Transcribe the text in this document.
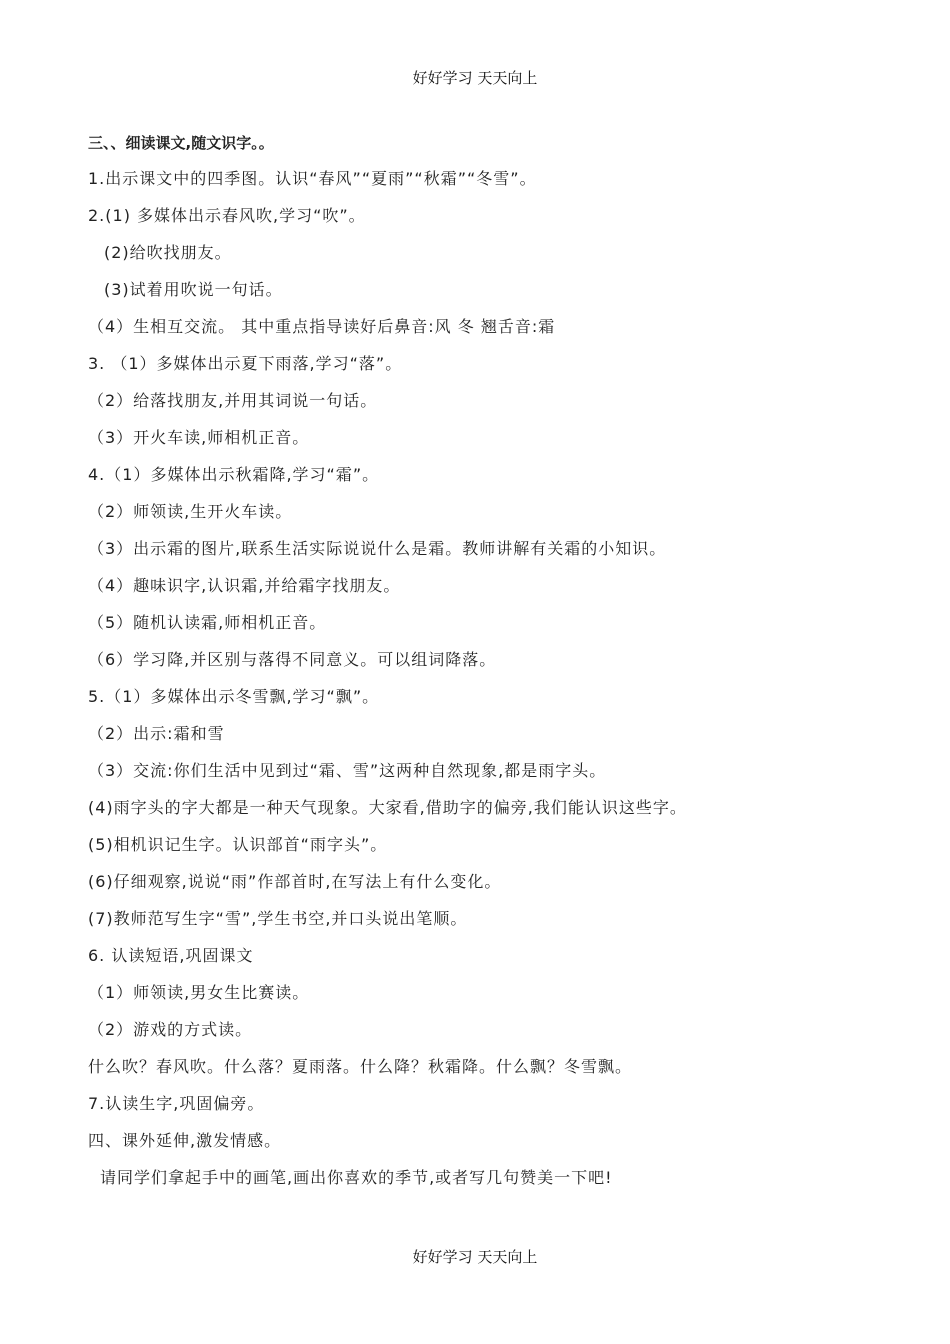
好好学习 天天向上
三、、细读课文,随文识字。。
1.出示课文中的四季图。认识“春风”“夏雨”“秋霜”“冬雪”。
2.(1) 多媒体出示春风吹,学习“吹”。
(2)给吹找朋友。
(3)试着用吹说一句话。
（4）生相互交流。 其中重点指导读好后鼻音:风 冬 翘舌音:霜
3. （1）多媒体出示夏下雨落,学习“落”。
（2）给落找朋友,并用其词说一句话。
（3）开火车读,师相机正音。
4.（1）多媒体出示秋霜降,学习“霜”。
（2）师领读,生开火车读。
（3）出示霜的图片,联系生活实际说说什么是霜。教师讲解有关霜的小知识。
（4）趣味识字,认识霜,并给霜字找朋友。
（5）随机认读霜,师相机正音。
（6）学习降,并区别与落得不同意义。可以组词降落。
5.（1）多媒体出示冬雪飘,学习“飘”。
（2）出示:霜和雪
（3）交流:你们生活中见到过“霜、雪”这两种自然现象,都是雨字头。
(4)雨字头的字大都是一种天气现象。大家看,借助字的偏旁,我们能认识这些字。
(5)相机识记生字。认识部首“雨字头”。
(6)仔细观察,说说“雨”作部首时,在写法上有什么变化。
(7)教师范写生字“雪”,学生书空,并口头说出笔顺。
6. 认读短语,巩固课文
（1）师领读,男女生比赛读。
（2）游戏的方式读。
什么吹？春风吹。什么落？夏雨落。什么降？秋霜降。什么飘？冬雪飘。
7.认读生字,巩固偏旁。
四、课外延伸,激发情感。
请同学们拿起手中的画笔,画出你喜欢的季节,或者写几句赞美一下吧!
好好学习 天天向上
